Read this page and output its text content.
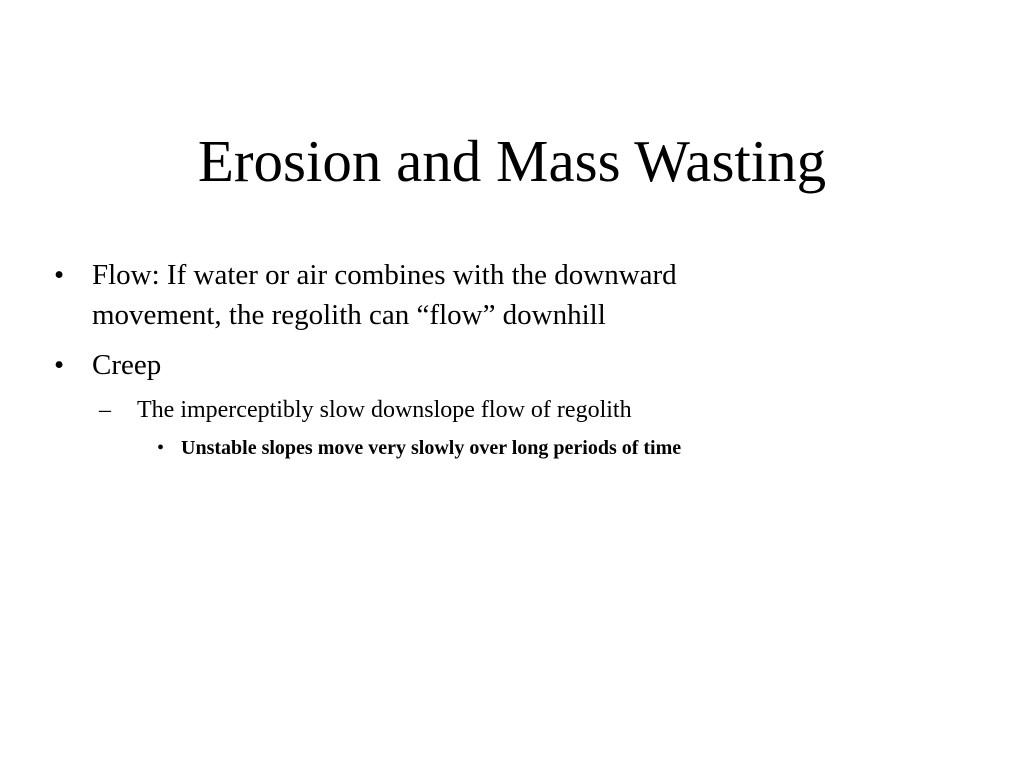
Erosion and Mass Wasting
• Flow: If water or air combines with the downward movement, the regolith can “flow” downhill
• Creep
–	The imperceptibly slow downslope flow of regolith
• Unstable slopes move very slowly over long periods of time
